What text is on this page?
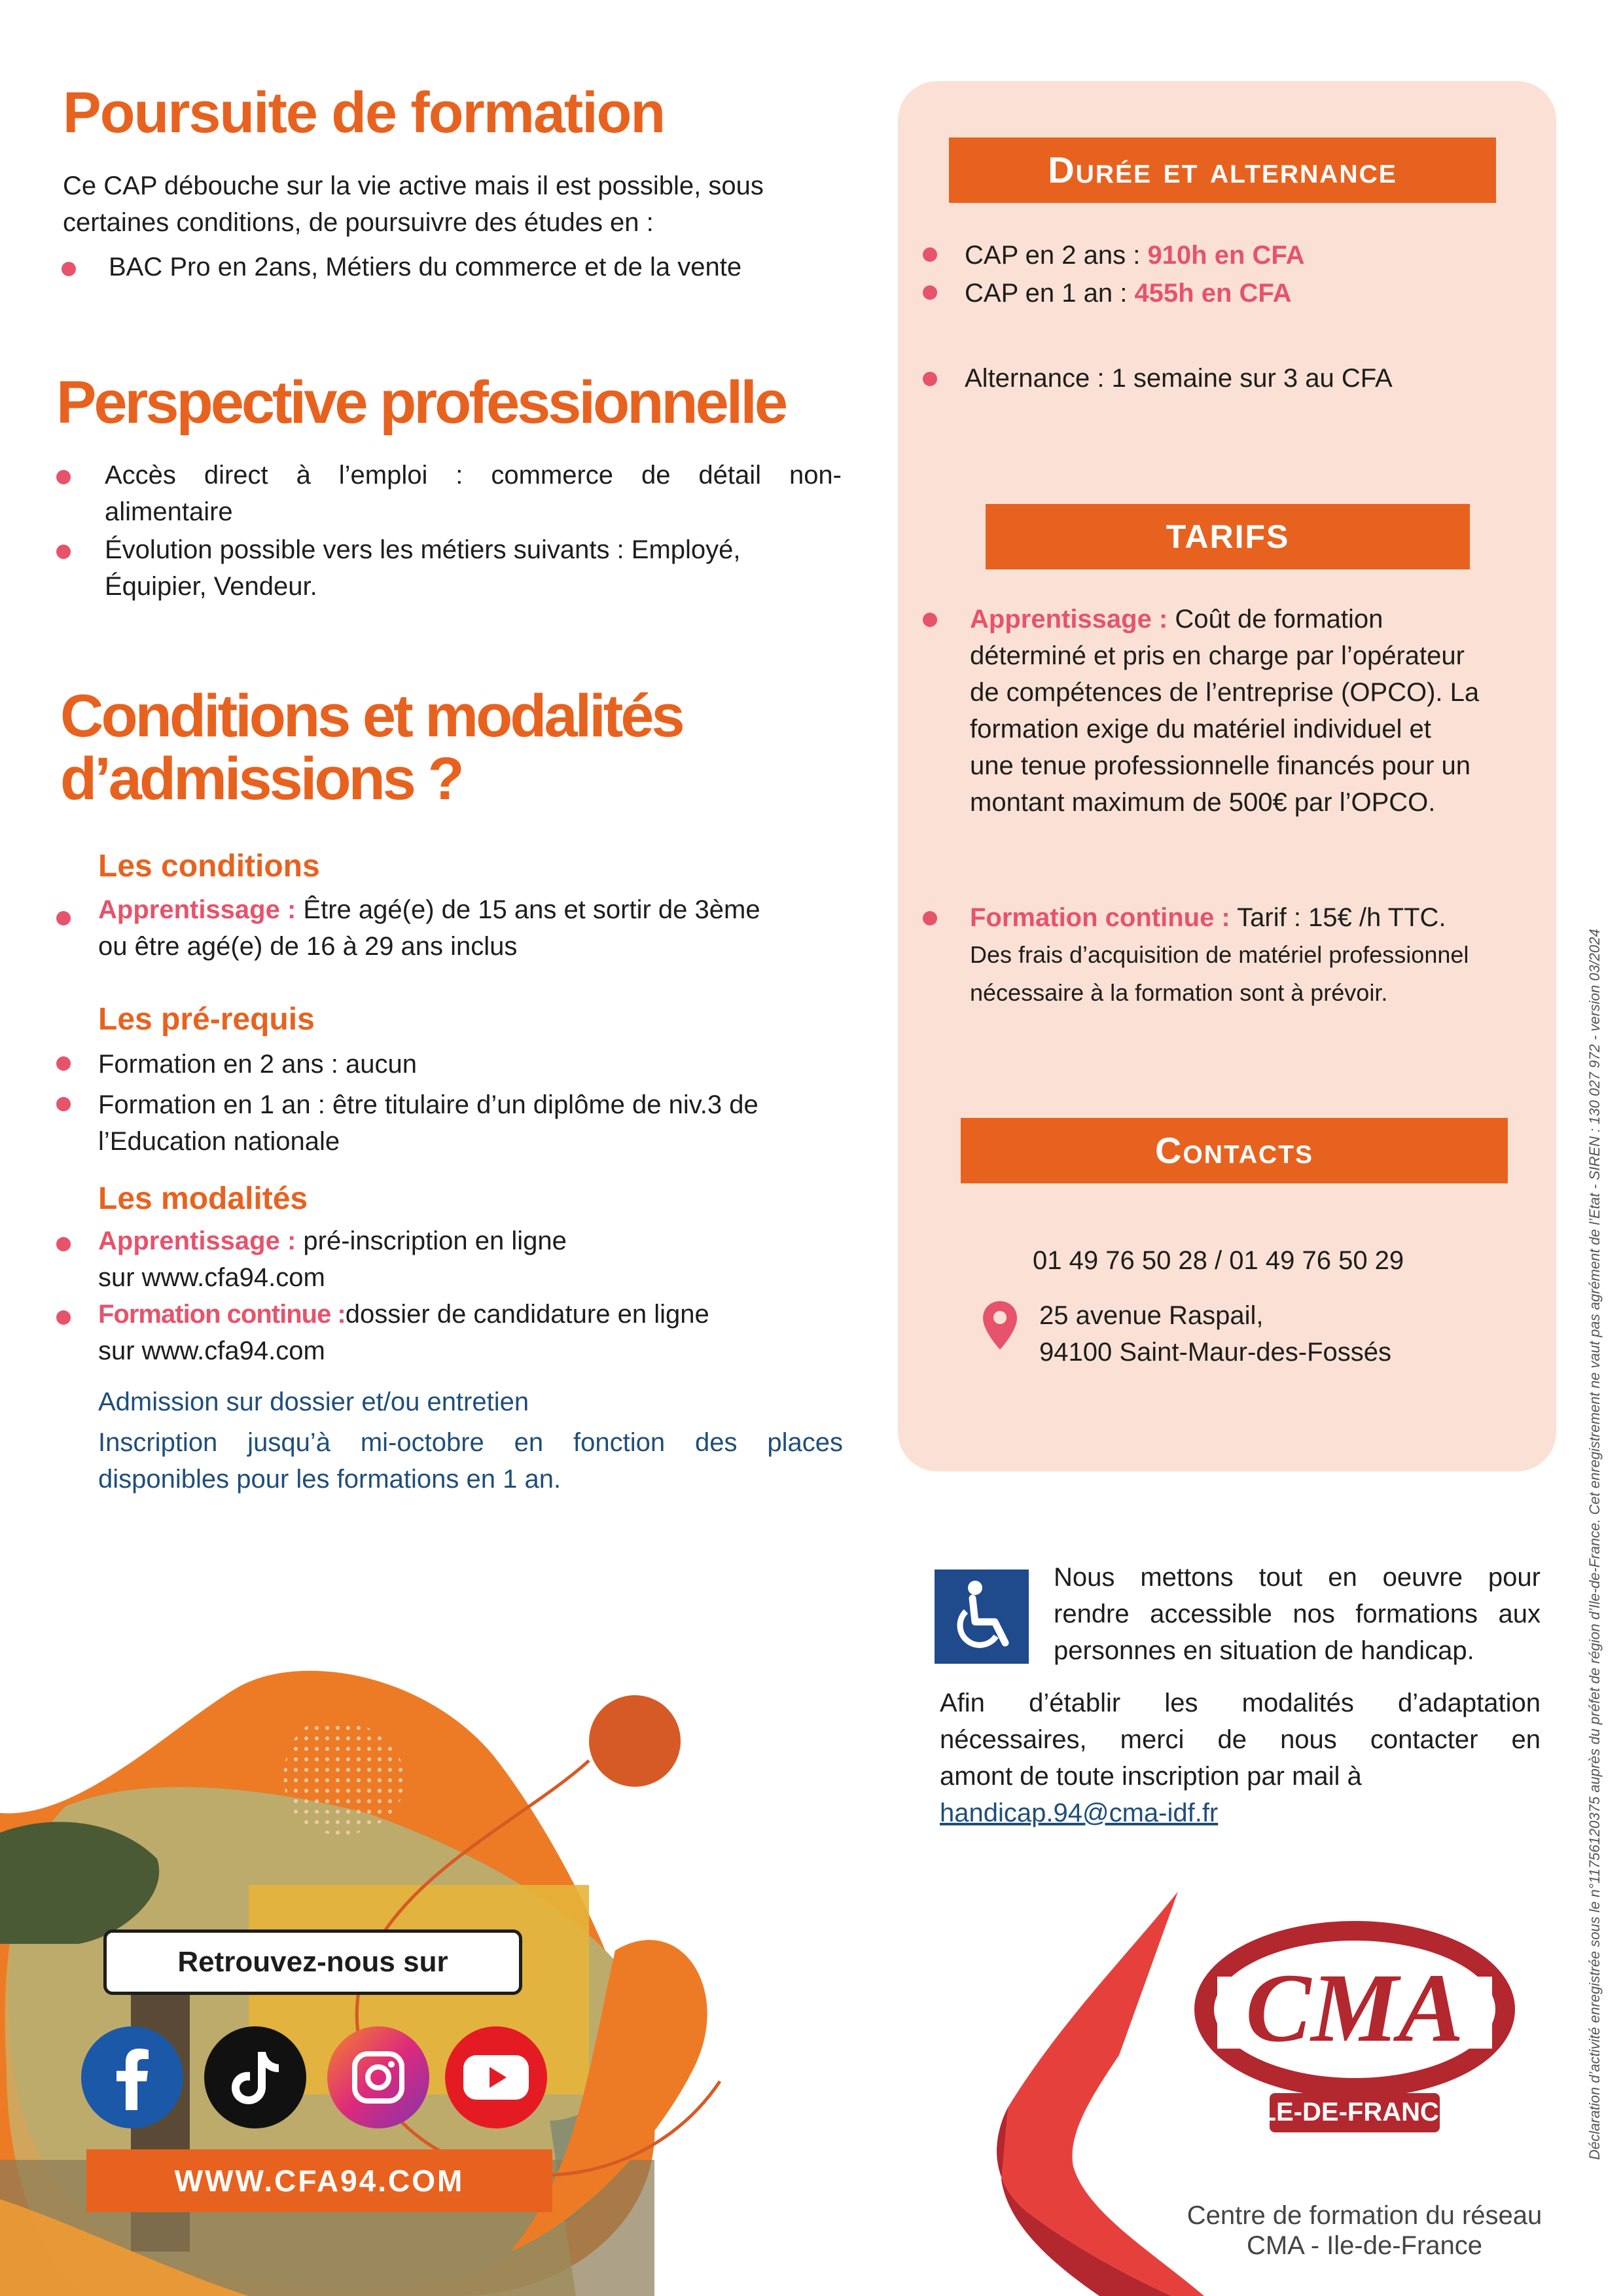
Poursuite de formation
Ce CAP débouche sur la vie active mais il est possible, sous
certaines conditions, de poursuivre des études en :
BAC Pro en 2ans, Métiers du commerce et de la vente
Perspective professionnelle
Accès direct à l’emploi : commerce de détail non-
alimentaire
Évolution possible vers les métiers suivants : Employé,
Équipier, Vendeur.
Conditions et modalités
d’admissions ?
Les conditions
Apprentissage : Être agé(e) de 15 ans et sortir de 3ème
ou être agé(e) de 16 à 29 ans inclus
Les pré-requis
Formation en 2 ans : aucun
Formation en 1 an : être titulaire d’un diplôme de niv.3 de
l’Education nationale
Les modalités
Apprentissage : pré-inscription en ligne
sur www.cfa94.com
Formation continue :dossier de candidature en ligne
sur www.cfa94.com
Admission sur dossier et/ou entretien
Inscription jusqu’à mi-octobre en fonction des places
disponibles pour les formations en 1 an.
Durée et alternance
CAP en 2 ans : 910h en CFA
CAP en 1 an : 455h en CFA
Alternance : 1 semaine sur 3 au CFA
TARIFS
Apprentissage : Coût de formation
déterminé et pris en charge par l’opérateur
de compétences de l’entreprise (OPCO). La
formation exige du matériel individuel et
une tenue professionnelle financés pour un
montant maximum de 500€ par l’OPCO.
Formation continue : Tarif : 15€ /h TTC.
Des frais d’acquisition de matériel professionnel
nécessaire à la formation sont à prévoir.
Contacts
01 49 76 50 28 / 01 49 76 50 29
25 avenue Raspail,
94100 Saint-Maur-des-Fossés
Nous mettons tout en oeuvre pour
rendre accessible nos formations aux
personnes en situation de handicap.
Afin d’établir les modalités d’adaptation
nécessaires, merci de nous contacter en
amont de toute inscription par mail à
handicap.94@cma-idf.fr
CMA
ÎLE-DE-FRANCE
Centre de formation du réseau
CMA - Ile-de-France
Déclaration d’activité enregistrée sous le n°11756120375 auprès du préfet de région d’Ile-de-France. Cet enregistrement ne vaut pas agrément de l’Etat - SIREN : 130 027 972 - version 03/2024
Retrouvez-nous sur
WWW.CFA94.COM
